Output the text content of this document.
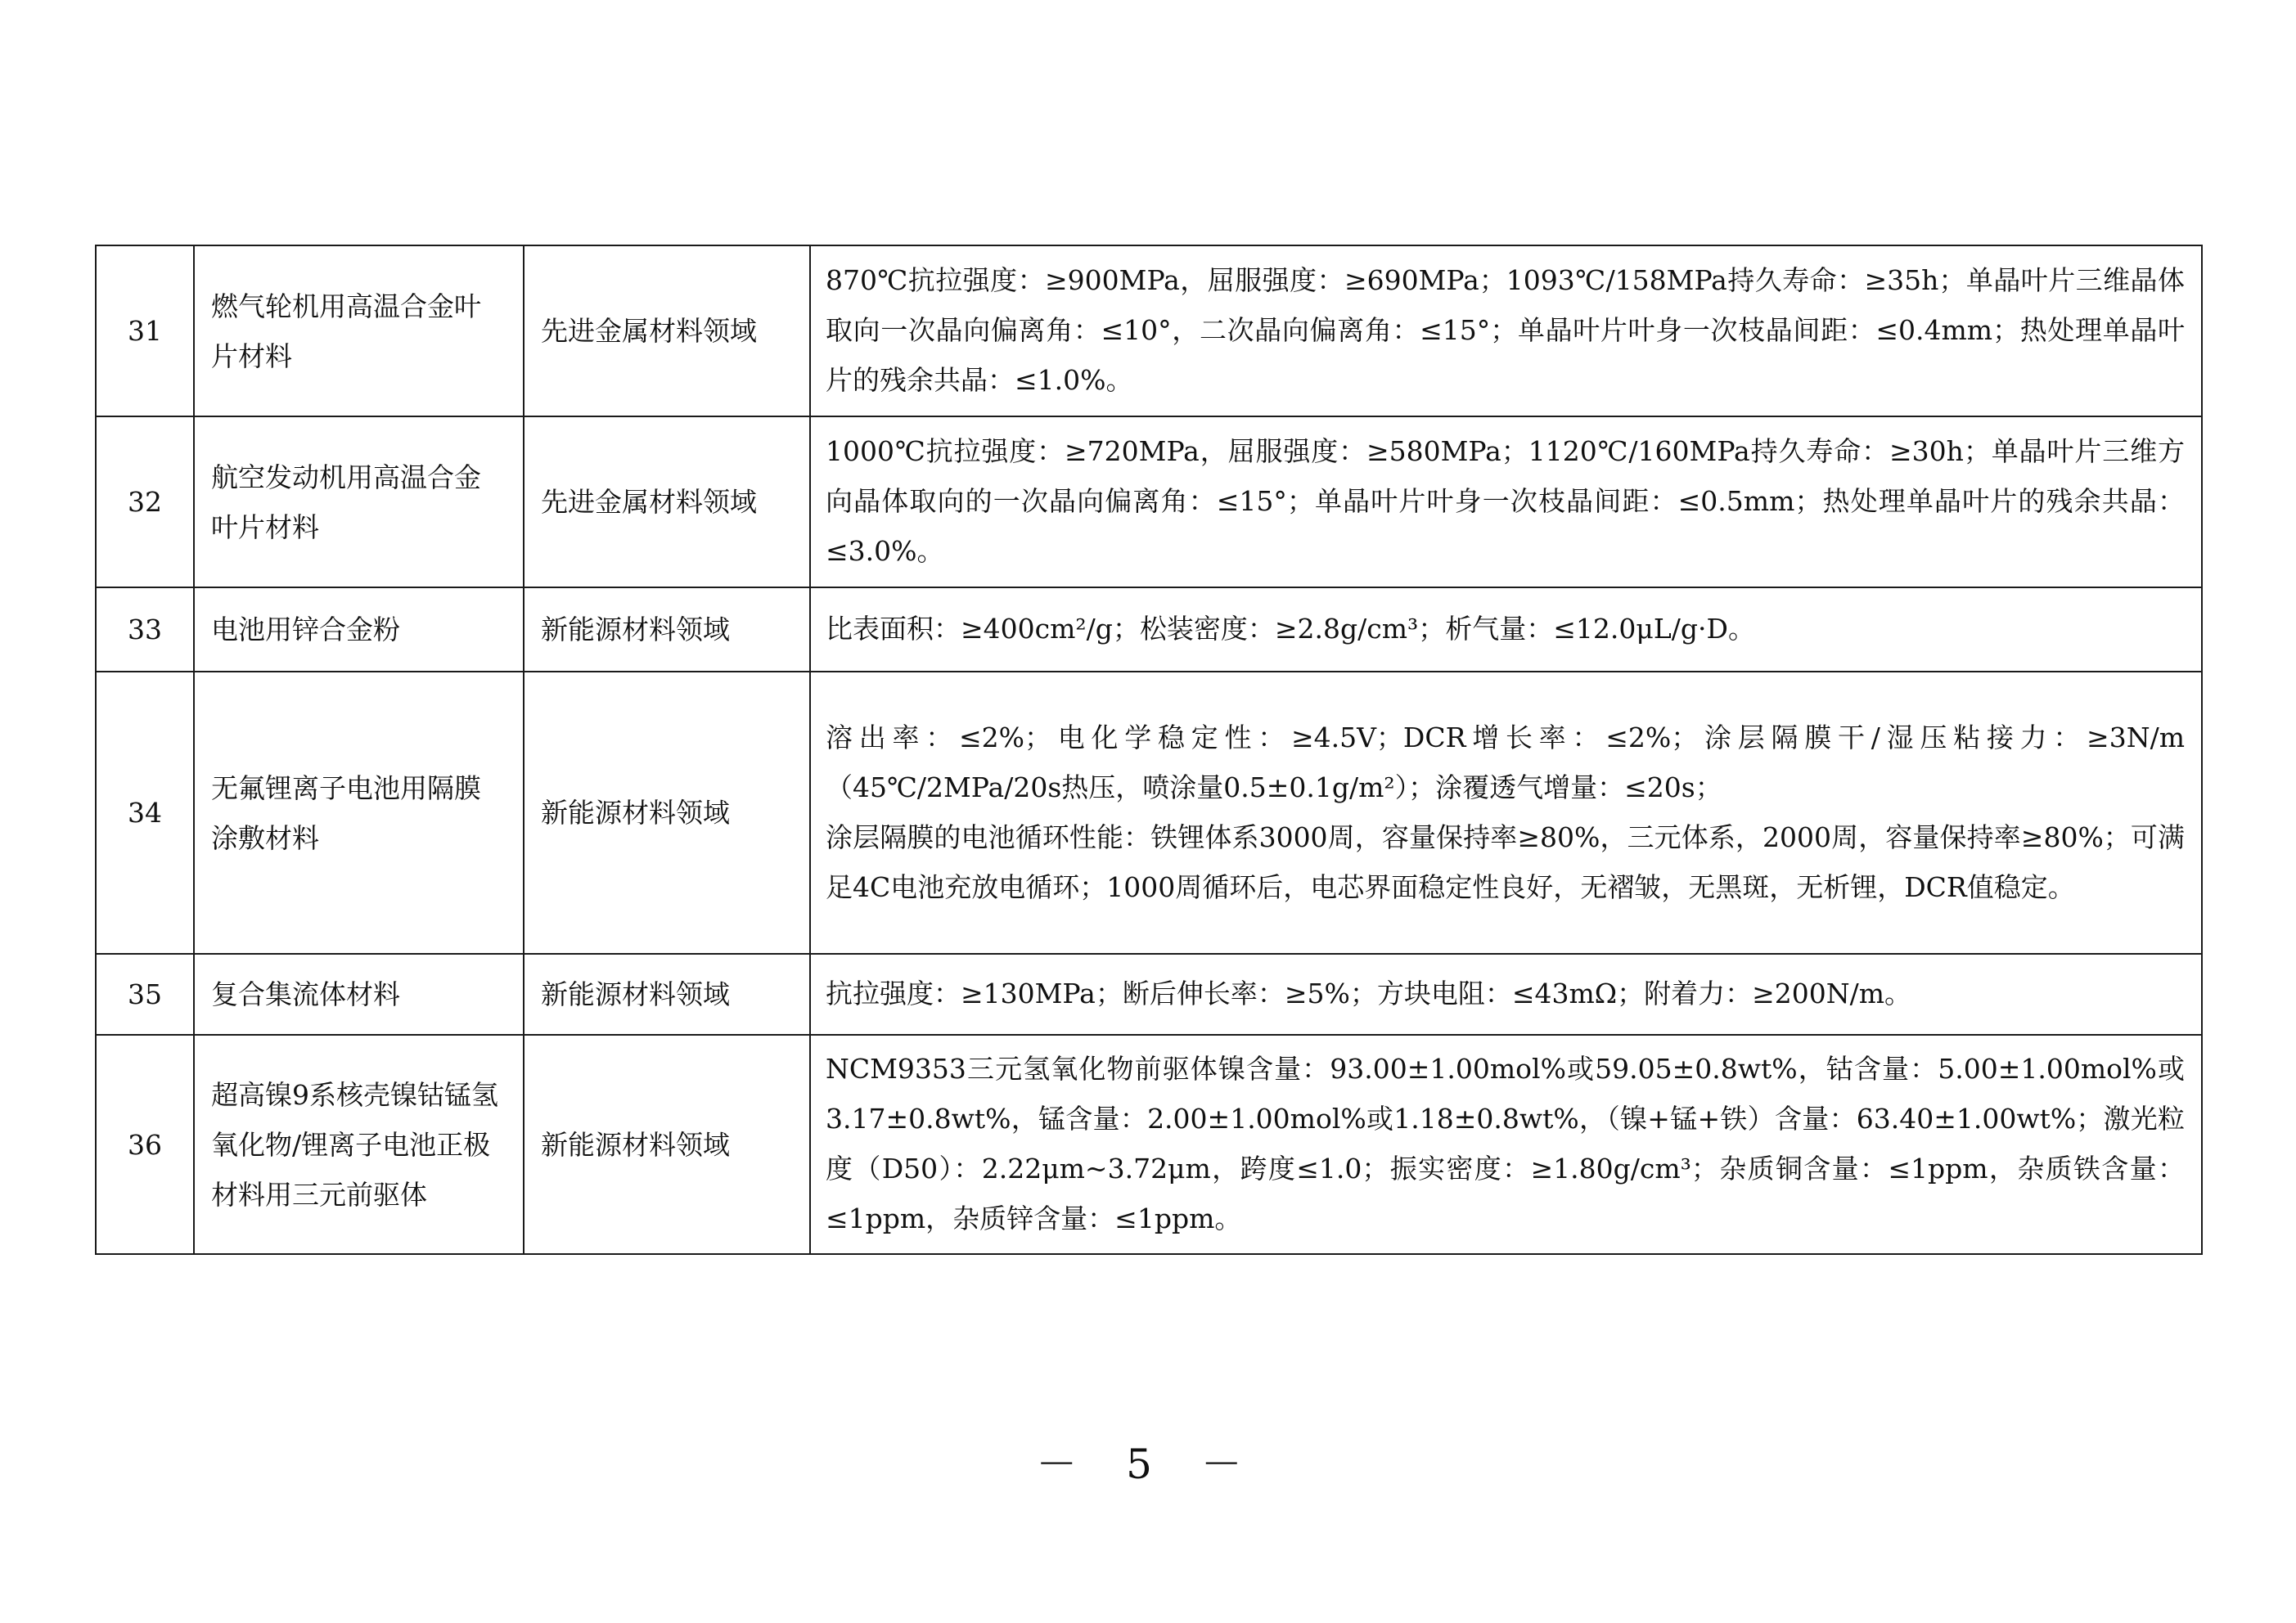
31	燃气轮机用高温合金叶片材料	先进金属材料领域	870℃抗拉强度：≥900MPa，屈服强度：≥690MPa；1093℃/158MPa持久寿命：≥35h；单晶叶片三维晶体取向一次晶向偏离角：≤10°，二次晶向偏离角：≤15°；单晶叶片叶身一次枝晶间距：≤0.4mm；热处理单晶叶片的残余共晶：≤1.0%。

32	航空发动机用高温合金叶片材料	先进金属材料领域	1000℃抗拉强度：≥720MPa，屈服强度：≥580MPa；1120℃/160MPa持久寿命：≥30h；单晶叶片三维方向晶体取向的一次晶向偏离角：≤15°；单晶叶片叶身一次枝晶间距：≤0.5mm；热处理单晶叶片的残余共晶：≤3.0%。

33	电池用锌合金粉	新能源材料领域	比表面积：≥400cm²/g；松装密度：≥2.8g/cm³；析气量：≤12.0μL/g·D。

34	无氟锂离子电池用隔膜涂敷材料	新能源材料领域	溶出率：≤2%；电化学稳定性：≥4.5V；DCR增长率：≤2%；涂层隔膜干/湿压粘接力：≥3N/m（45℃/2MPa/20s热压，喷涂量0.5±0.1g/m²）；涂覆透气增量：≤20s；
涂层隔膜的电池循环性能：铁锂体系3000周，容量保持率≥80%，三元体系，2000周，容量保持率≥80%；可满足4C电池充放电循环；1000周循环后，电芯界面稳定性良好，无褶皱，无黑斑，无析锂，DCR值稳定。

35	复合集流体材料	新能源材料领域	抗拉强度：≥130MPa；断后伸长率：≥5%；方块电阻：≤43mΩ；附着力：≥200N/m。

36	超高镍9系核壳镍钴锰氢氧化物/锂离子电池正极材料用三元前驱体	新能源材料领域	NCM9353三元氢氧化物前驱体镍含量：93.00±1.00mol%或59.05±0.8wt%，钴含量：5.00±1.00mol%或3.17±0.8wt%，锰含量：2.00±1.00mol%或1.18±0.8wt%，（镍+锰+铁）含量：63.40±1.00wt%；激光粒度（D50）：2.22μm~3.72μm，跨度≤1.0；振实密度：≥1.80g/cm³；杂质铜含量：≤1ppm，杂质铁含量：≤1ppm，杂质锌含量：≤1ppm。
－ 5 －
